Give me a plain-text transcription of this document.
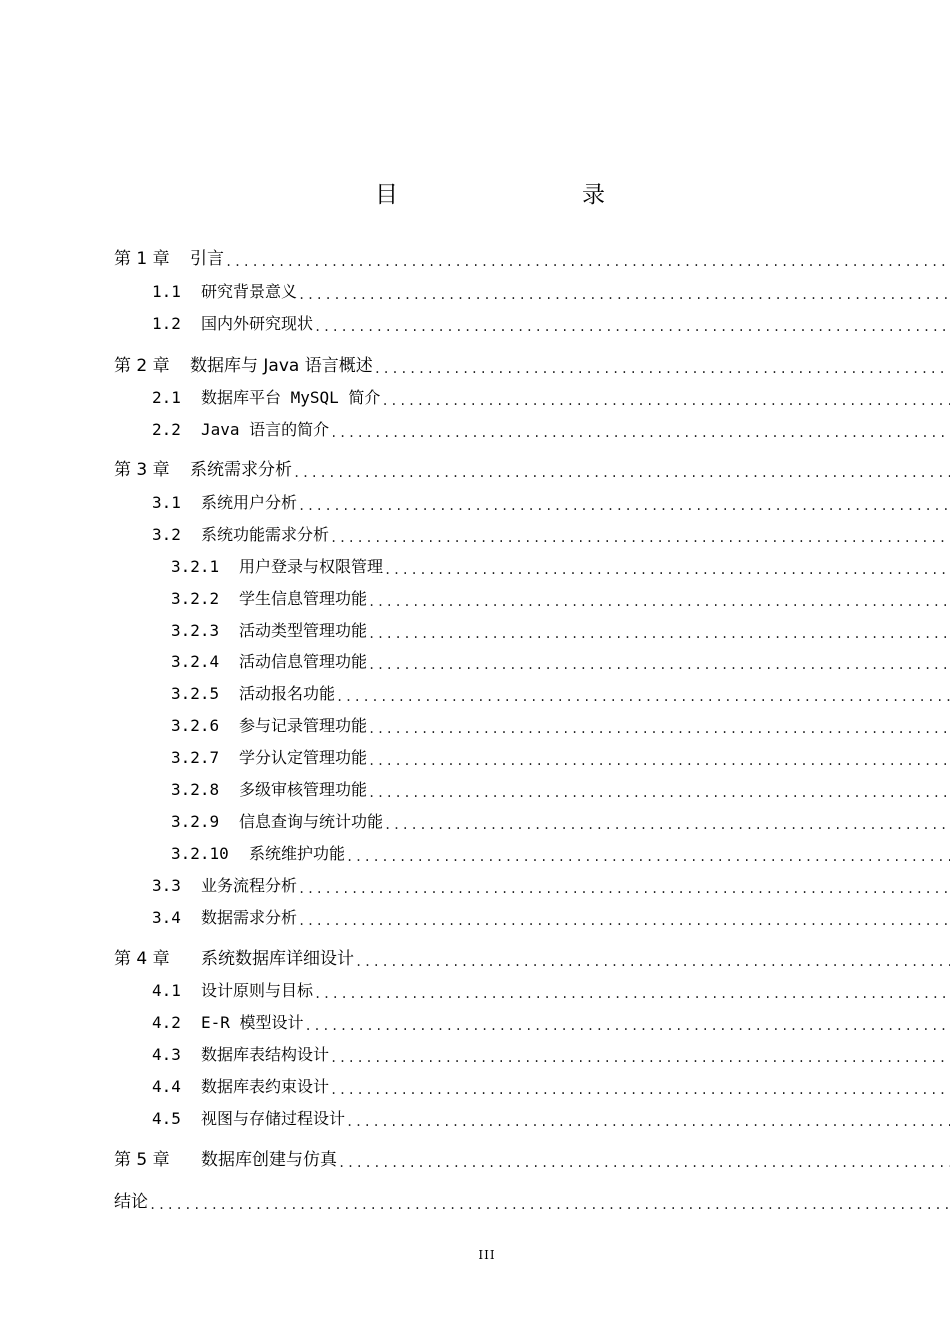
目　　录
第 1 章	引言
.....
1.1	研究背景意义
.....
1.2	国内外研究现状
.....
第 2 章	数据库与 Java 语言概述
.....
2.1	数据库平台 MySQL 简介
.....
2.2	Java 语言的简介
.....
第 3 章	系统需求分析
.....
3.1	系统用户分析
.....
3.2	系统功能需求分析
.....
3.2.1	用户登录与权限管理
.....
3.2.2	学生信息管理功能
.....
3.2.3	活动类型管理功能
.....
3.2.4	活动信息管理功能
.....
3.2.5	活动报名功能
.....
3.2.6	参与记录管理功能
.....
3.2.7	学分认定管理功能
.....
3.2.8	多级审核管理功能
.....
3.2.9	信息查询与统计功能
.....
3.2.10	系统维护功能
.....
3.3	业务流程分析
.....
3.4	数据需求分析
.....
第 4 章	系统数据库详细设计
.....
4.1	设计原则与目标
.....
4.2	E-R 模型设计
.....
4.3	数据库表结构设计
.....
4.4	数据库表约束设计
.....
4.5	视图与存储过程设计
.....
第 5 章	数据库创建与仿真
.....
结论
.....
III
